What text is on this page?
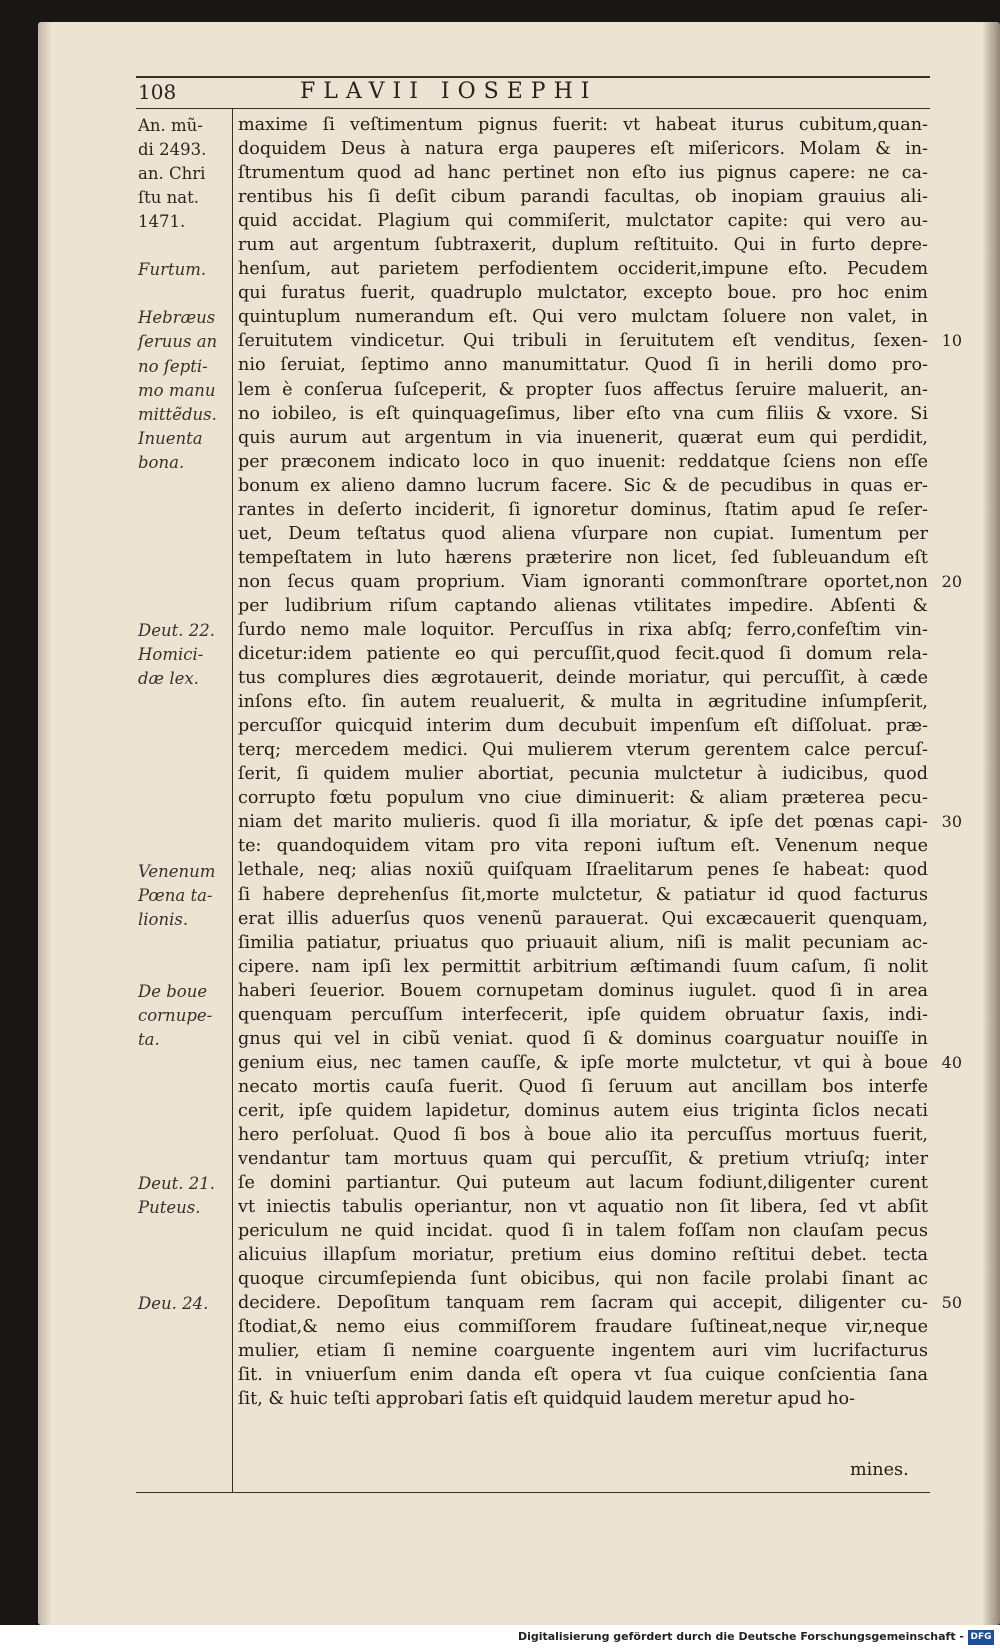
108	FLAVII IOSEPHI
maxime ſi veſtimentum pignus fuerit: vt habeat iturus cubitum,quan-
doquidem Deus à natura erga pauperes eſt miſericors. Molam & in-
ſtrumentum quod ad hanc pertinet non eſto ius pignus capere: ne ca-
rentibus his ſi deſit cibum parandi facultas, ob inopiam grauius ali-
quid accidat. Plagium qui commiſerit, mulctator capite: qui vero au-
rum aut argentum ſubtraxerit, duplum reſtituito. Qui in furto depre-
henſum, aut parietem perfodientem occiderit,impune eſto. Pecudem
qui furatus fuerit, quadruplo mulctator, excepto boue. pro hoc enim
quintuplum numerandum eſt. Qui vero mulctam ſoluere non valet, in
ſeruitutem vindicetur. Qui tribuli in ſeruitutem eſt venditus, ſexen-
nio ſeruiat, ſeptimo anno manumittatur. Quod ſi in herili domo pro-
lem è conſerua ſuſceperit, & propter ſuos affectus ſeruire maluerit, an-
no iobileo, is eſt quinquageſimus, liber eſto vna cum filiis & vxore. Si
quis aurum aut argentum in via inuenerit, quærat eum qui perdidit,
per præconem indicato loco in quo inuenit: reddatque ſciens non eſſe
bonum ex alieno damno lucrum facere. Sic & de pecudibus in quas er-
rantes in deſerto inciderit, ſi ignoretur dominus, ſtatim apud ſe reſer-
uet, Deum teſtatus quod aliena vſurpare non cupiat. Iumentum per
tempeſtatem in luto hærens præterire non licet, ſed ſubleuandum eſt
non ſecus quam proprium. Viam ignoranti commonſtrare oportet,non
per ludibrium riſum captando alienas vtilitates impedire. Abſenti &
ſurdo nemo male loquitor. Percuſſus in rixa abſq; ferro,confeſtim vin-
dicetur:idem patiente eo qui percuſſit,quod fecit.quod ſi domum rela-
tus complures dies ægrotauerit, deinde moriatur, qui percuſſit, à cæde
inſons eſto. ſin autem reualuerit, & multa in ægritudine inſumpſerit,
percuſſor quicquid interim dum decubuit impenſum eſt diſſoluat. præ-
terq; mercedem medici. Qui mulierem vterum gerentem calce percuſ-
ſerit, ſi quidem mulier abortiat, pecunia mulctetur à iudicibus, quod
corrupto fœtu populum vno ciue diminuerit: & aliam prætereа pecu-
niam det marito mulieris. quod ſi illa moriatur, & ipſe det pœnas capi-
te: quandoquidem vitam pro vita reponi iuſtum eſt. Venenum neque
lethale, neq; alias noxiũ quiſquam Iſraelitarum penes ſe habeat: quod
ſi habere deprehenſus ſit,morte mulctetur, & patiatur id quod facturus
erat illis aduerſus quos venenũ parauerat. Qui excæcauerit quenquam,
ſimilia patiatur, priuatus quo priuauit alium, niſi is malit pecuniam ac-
cipere. nam ipſi lex permittit arbitrium æſtimandi ſuum caſum, ſi nolit
haberi ſeuerior. Bouem cornupetam dominus iugulet. quod ſi in area
quenquam percuſſum interfecerit, ipſe quidem obruatur ſaxis, indi-
gnus qui vel in cibũ veniat. quod ſi & dominus coarguatur nouiſſe in
genium eius, nec tamen cauſſe, & ipſe morte mulctetur, vt qui à boue
necato mortis cauſa fuerit. Quod ſi ſeruum aut ancillam bos interfe
cerit, ipſe quidem lapidetur, dominus autem eius triginta ſiclos necati
hero perſoluat. Quod ſi bos à boue alio ita percuſſus mortuus fuerit,
vendantur tam mortuus quam qui percuſſit, & pretium vtriuſq; inter
ſe domini partiantur. Qui puteum aut lacum fodiunt,diligenter curent
vt iniectis tabulis operiantur, non vt aquatio non ſit libera, ſed vt abſit
periculum ne quid incidat. quod ſi in talem foſſam non clauſam pecus
alicuius illapſum moriatur, pretium eius domino reſtitui debet. tecta
quoque circumſepienda ſunt obicibus, qui non facile prolabi ſinant ac
decidere. Depoſitum tanquam rem ſacram qui accepit, diligenter cu-
ſtodiat,& nemo eius commiſſorem fraudare ſuſtineat,neque vir,neque
mulier, etiam ſi nemine coarguente ingentem auri vim lucrifacturus
ſit. in vniuerſum enim danda eſt opera vt ſua cuique conſcientia ſana
ſit, & huic teſti approbari ſatis eſt quidquid laudem meretur apud ho-
An. mũ-
di 2493.
an. Chri
ſtu nat.
1471.
Furtum.
Hebræus
ſeruus an
no ſepti-
mo manu
mittẽdus.
Inuenta
bona.
Deut. 22.
Homici-
dæ lex.
Venenum
Pœna ta-
lionis.
De boue
cornupe-
ta.
Deut. 21.
Puteus.
Deu. 24.
10
20
30
40
50
mines.
Digitalisierung gefördert durch die Deutsche Forschungsgemeinschaft - DFG
